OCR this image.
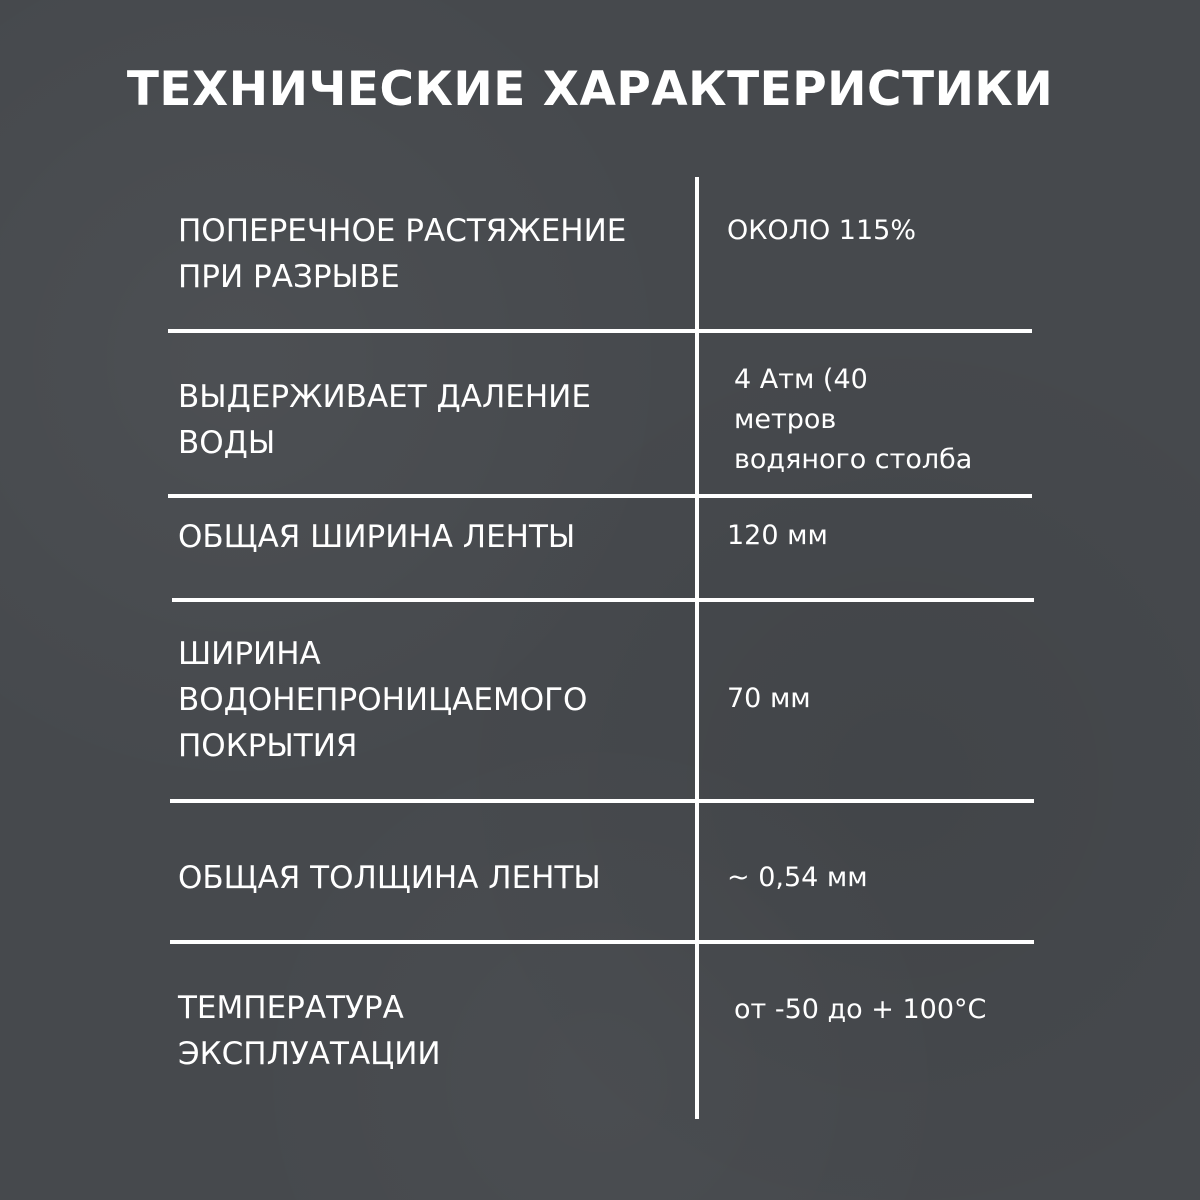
ТЕХНИЧЕСКИЕ ХАРАКТЕРИСТИКИ
ПОПЕРЕЧНОЕ РАСТЯЖЕНИЕ
ПРИ РАЗРЫВЕ
ОКОЛО 115%
ВЫДЕРЖИВАЕТ ДАЛЕНИЕ
ВОДЫ
4 Атм (40
метров
водяного столба
ОБЩАЯ ШИРИНА ЛЕНТЫ	120 мм
ШИРИНА
ВОДОНЕПРОНИЦАЕМОГО
ПОКРЫТИЯ
70 мм
ОБЩАЯ ТОЛЩИНА ЛЕНТЫ	~ 0,54 мм
ТЕМПЕРАТУРА
ЭКСПЛУАТАЦИИ
от -50 до + 100°С
